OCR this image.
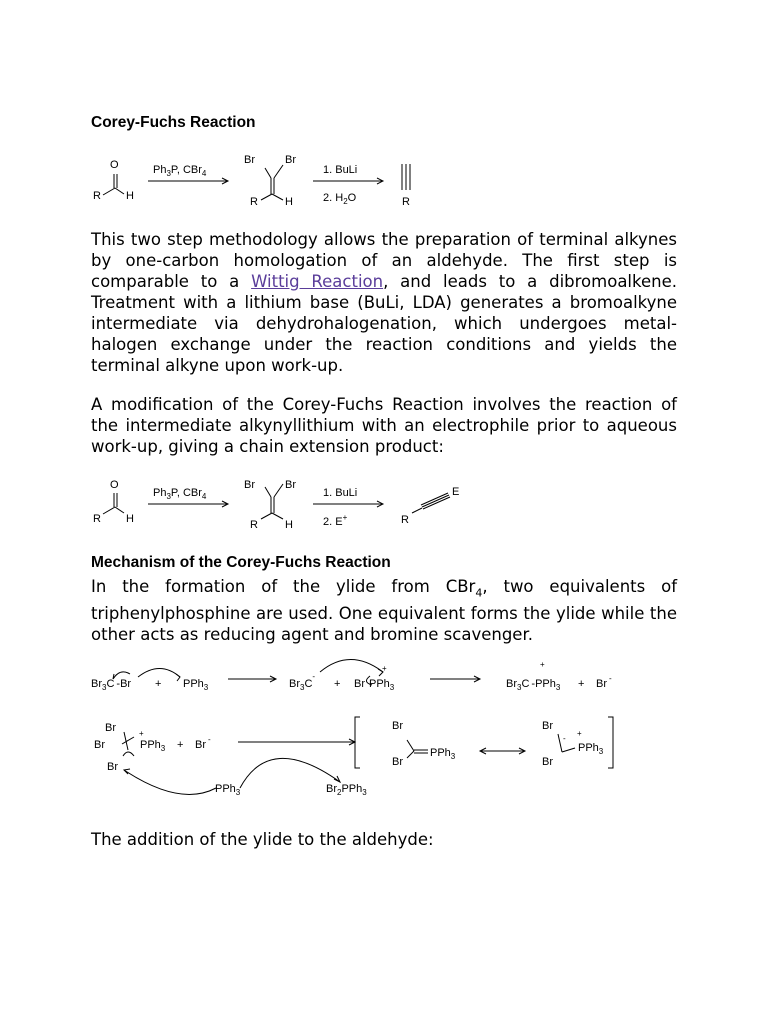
Corey-Fuchs Reaction
O
R H
$Ph_3P$, CBr$_4$
Br	Br
R H
1. BuLi
2. $H_2O$	R

This two step methodology allows the preparation of terminal alkynes by one-carbon homologation of an aldehyde. The first step is comparable to a Wittig Reaction, and leads to a dibromoalkene. Treatment with a lithium base (BuLi, LDA) generates a bromoalkyne intermediate via dehydrohalogenation, which undergoes metal-halogen exchange under the reaction conditions and yields the terminal alkyne upon work-up.

A modification of the Corey-Fuchs Reaction involves the reaction of the intermediate alkynyllithium with an electrophile prior to aqueous work-up, giving a chain extension product:

O
R H
$Ph_3P$, CBr$_4$
Br	Br
R H
1. BuLi
2. E+	R
E
Mechanism of the Corey-Fuchs Reaction

In the formation of the ylide from CBr$_4$, two equivalents of triphenylphosphine are used. One equivalent forms the ylide while the other acts as reducing agent and bromine scavenger.

$Br_3C$ -Br + PPh$_3$	$Br_3C^-$
+
+
Br PPh$_3$
+
$Br_3C$ -PPh$_3$ + Br -
Br
Br
Br
+
PPh$_3$ + Br -
Br
Br
PPh$_3$
Br
Br
-
+
PPh$_3$
PPh$_3$	$Br_2PPh_3$

The addition of the ylide to the aldehyde:
